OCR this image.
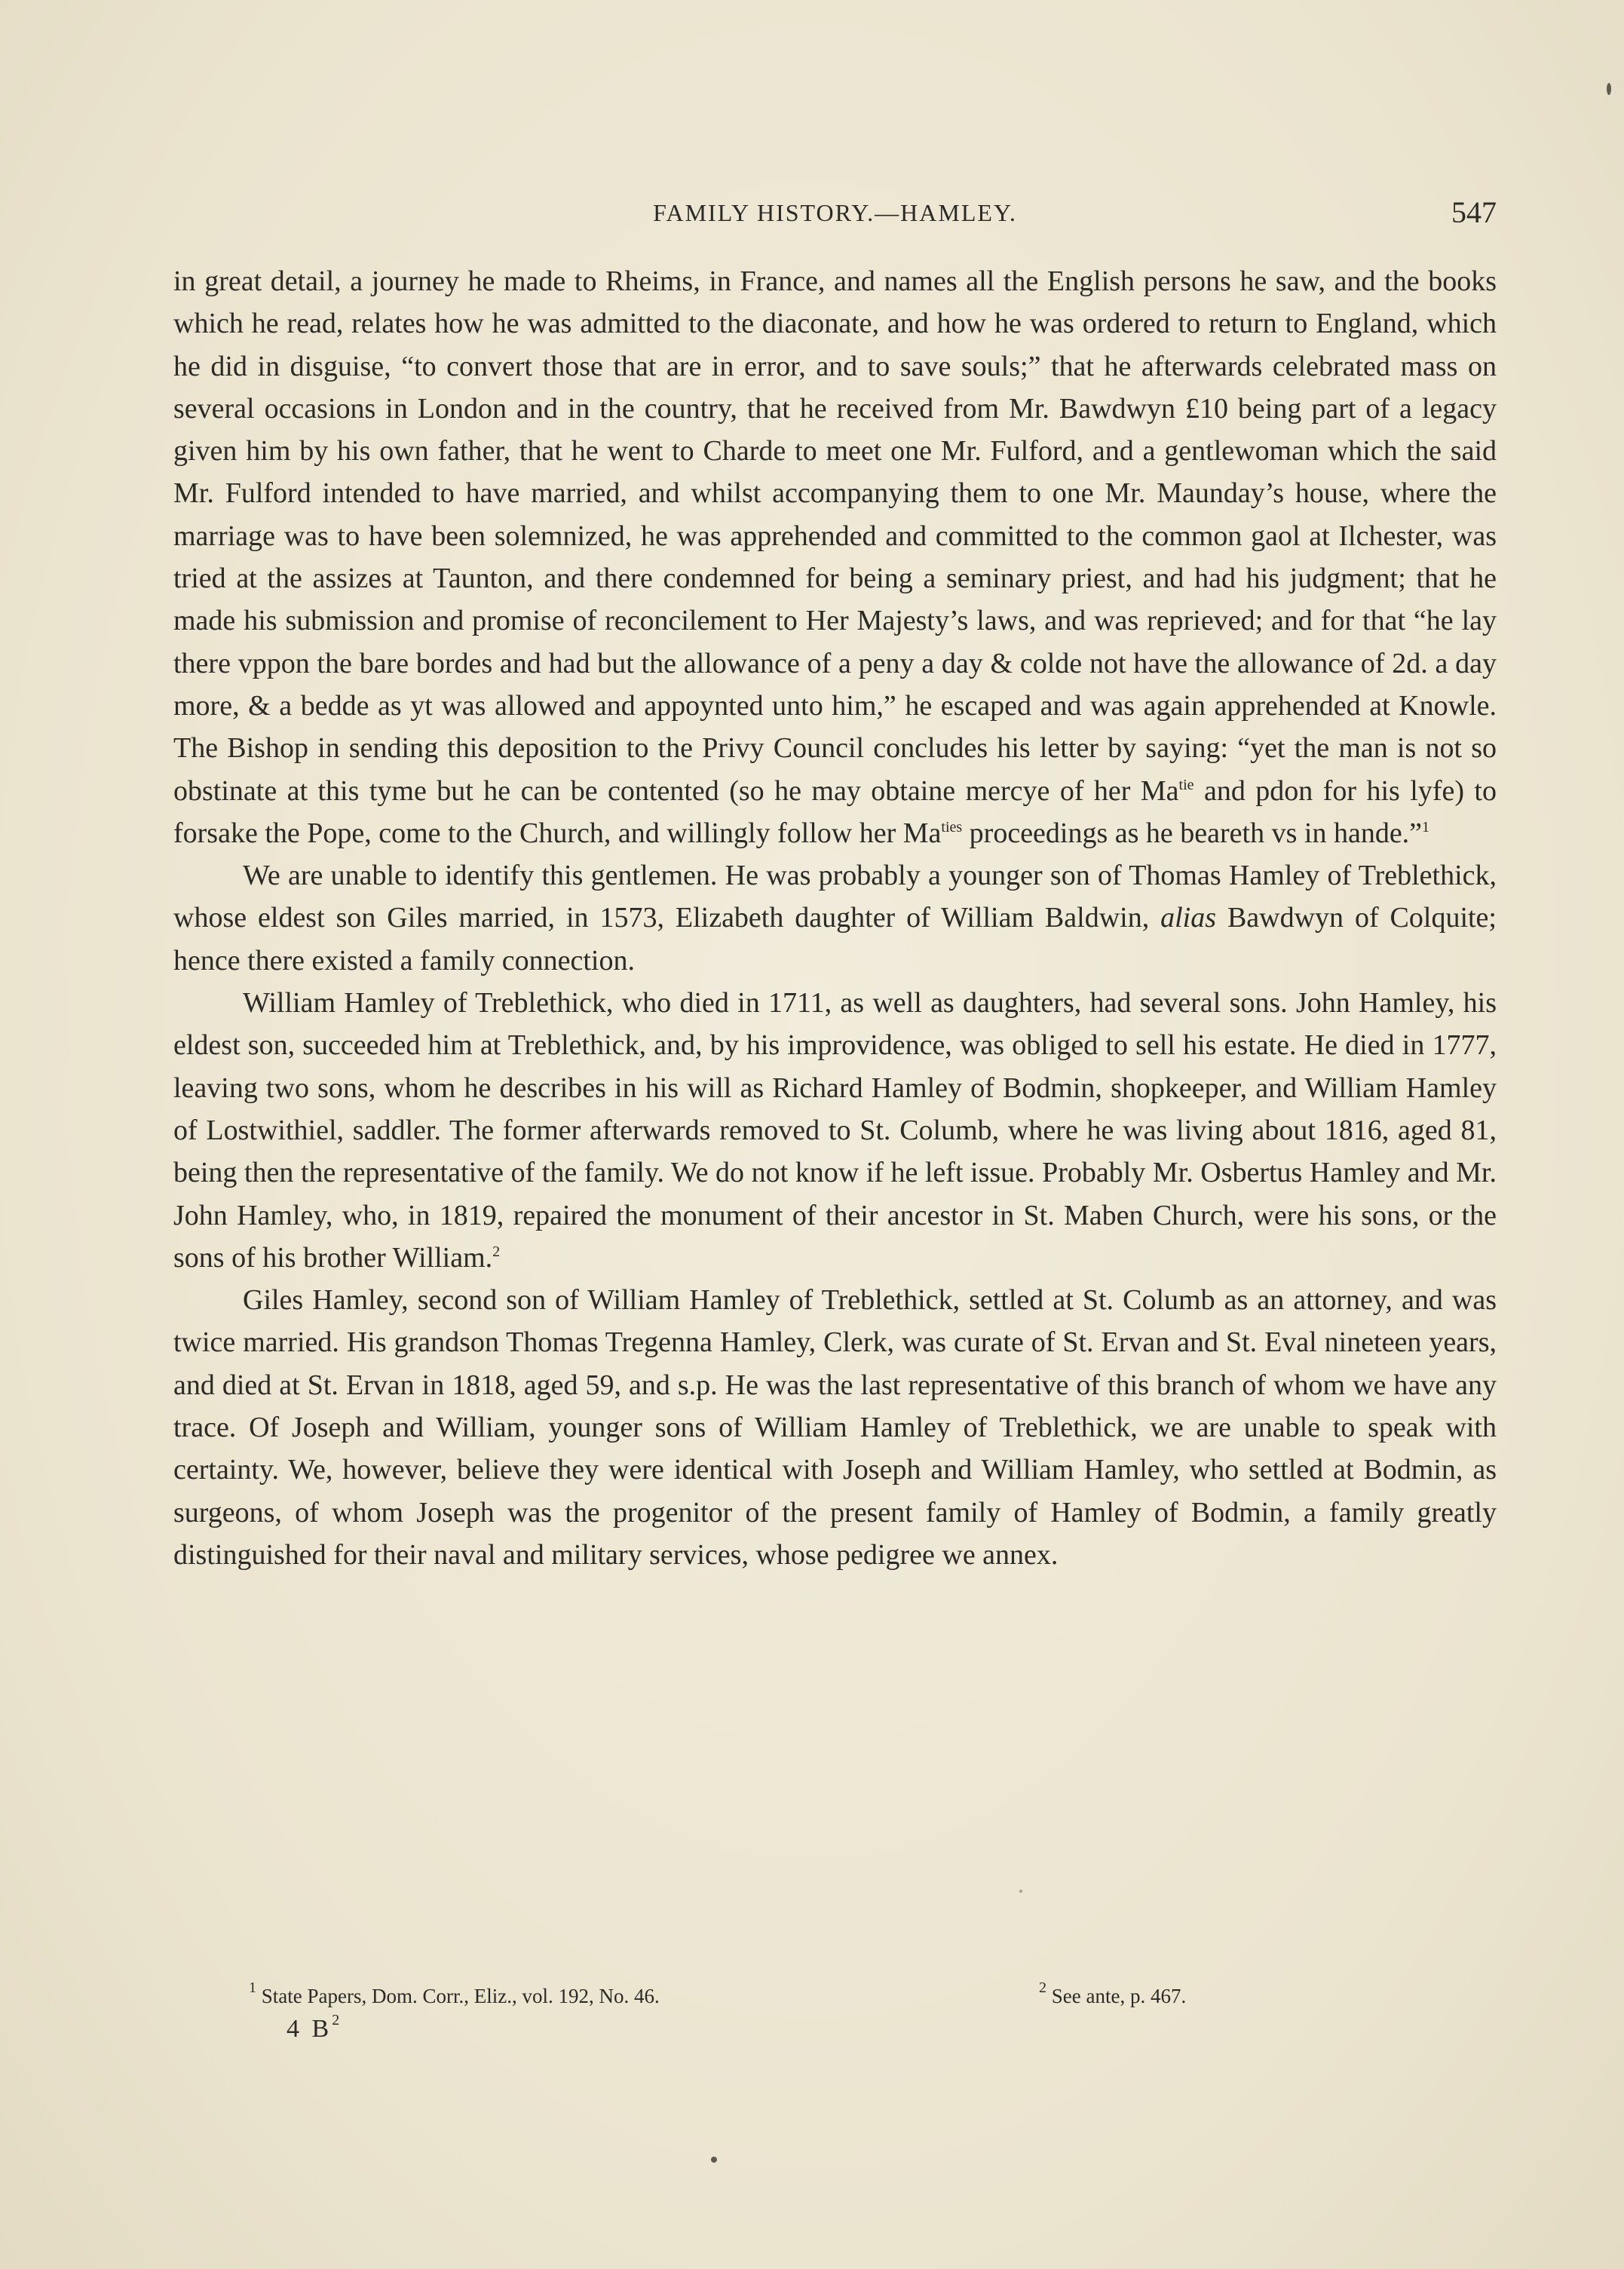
FAMILY HISTORY.—HAMLEY.	547

in great detail, a journey he made to Rheims, in France, and names all the English persons he saw, and the books which he read, relates how he was admitted to the diaconate, and how he was ordered to return to England, which he did in disguise, “to convert those that are in error, and to save souls;” that he afterwards celebrated mass on several occasions in London and in the country, that he received from Mr. Bawdwyn £10 being part of a legacy given him by his own father, that he went to Charde to meet one Mr. Fulford, and a gentlewoman which the said Mr. Fulford intended to have married, and whilst accompanying them to one Mr. Maunday’s house, where the marriage was to have been solemnized, he was apprehended and committed to the common gaol at Ilchester, was tried at the assizes at Taunton, and there condemned for being a seminary priest, and had his judgment; that he made his submission and promise of reconcilement to Her Majesty’s laws, and was reprieved; and for that “he lay there vppon the bare bordes and had but the allowance of a peny a day & colde not have the allowance of 2d. a day more, & a bedde as yt was allowed and appoynted unto him,” he escaped and was again apprehended at Knowle. The Bishop in sending this deposition to the Privy Council concludes his letter by saying: “yet the man is not so obstinate at this tyme but he can be contented (so he may obtaine mercye of her $Ma^{tie}$ and pdon for his lyfe) to forsake the Pope, come to the Church, and willingly follow her $Ma^{ties}$ proceedings as he beareth vs in hande.”$^1$

We are unable to identify this gentlemen. He was probably a younger son of Thomas Hamley of Treblethick, whose eldest son Giles married, in 1573, Elizabeth daughter of William Baldwin, alias Bawdwyn of Colquite; hence there existed a family connection.

William Hamley of Treblethick, who died in 1711, as well as daughters, had several sons. John Hamley, his eldest son, succeeded him at Treblethick, and, by his improvidence, was obliged to sell his estate. He died in 1777, leaving two sons, whom he describes in his will as Richard Hamley of Bodmin, shopkeeper, and William Hamley of Lostwithiel, saddler. The former afterwards removed to St. Columb, where he was living about 1816, aged 81, being then the representative of the family. We do not know if he left issue. Probably Mr. Osbertus Hamley and Mr. John Hamley, who, in 1819, repaired the monument of their ancestor in St. Maben Church, were his sons, or the sons of his brother William.$^2$

Giles Hamley, second son of William Hamley of Treblethick, settled at St. Columb as an attorney, and was twice married. His grandson Thomas Tregenna Hamley, Clerk, was curate of St. Ervan and St. Eval nineteen years, and died at St. Ervan in 1818, aged 59, and s.p. He was the last representative of this branch of whom we have any trace. Of Joseph and William, younger sons of William Hamley of Treblethick, we are unable to speak with certainty. We, however, believe they were identical with Joseph and William Hamley, who settled at Bodmin, as surgeons, of whom Joseph was the progenitor of the present family of Hamley of Bodmin, a family greatly distinguished for their naval and military services, whose pedigree we annex.

$^1$ State Papers, Dom. Corr., Eliz., vol. 192, No. 46.	$^2$ See ante, p. 467.
4 $B^2$
